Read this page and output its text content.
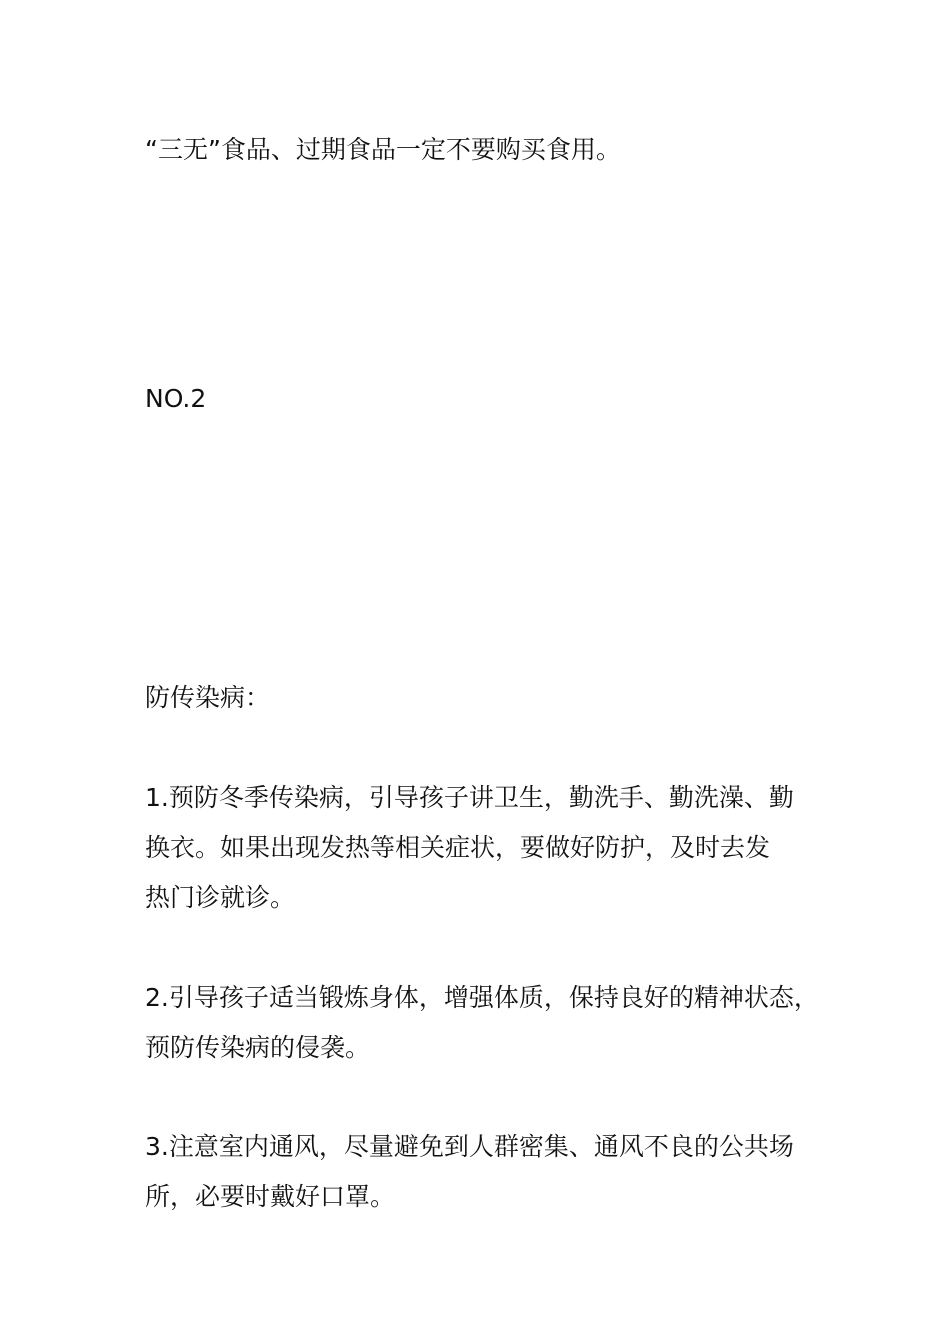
“三无”食品、过期食品一定不要购买食用。

NO.2

防传染病：

1.预防冬季传染病，引导孩子讲卫生，勤洗手、勤洗澡、勤
换衣。如果出现发热等相关症状，要做好防护，及时去发
热门诊就诊。
2.引导孩子适当锻炼身体，增强体质，保持良好的精神状态，
预防传染病的侵袭。
3.注意室内通风，尽量避免到人群密集、通风不良的公共场
所，必要时戴好口罩。
